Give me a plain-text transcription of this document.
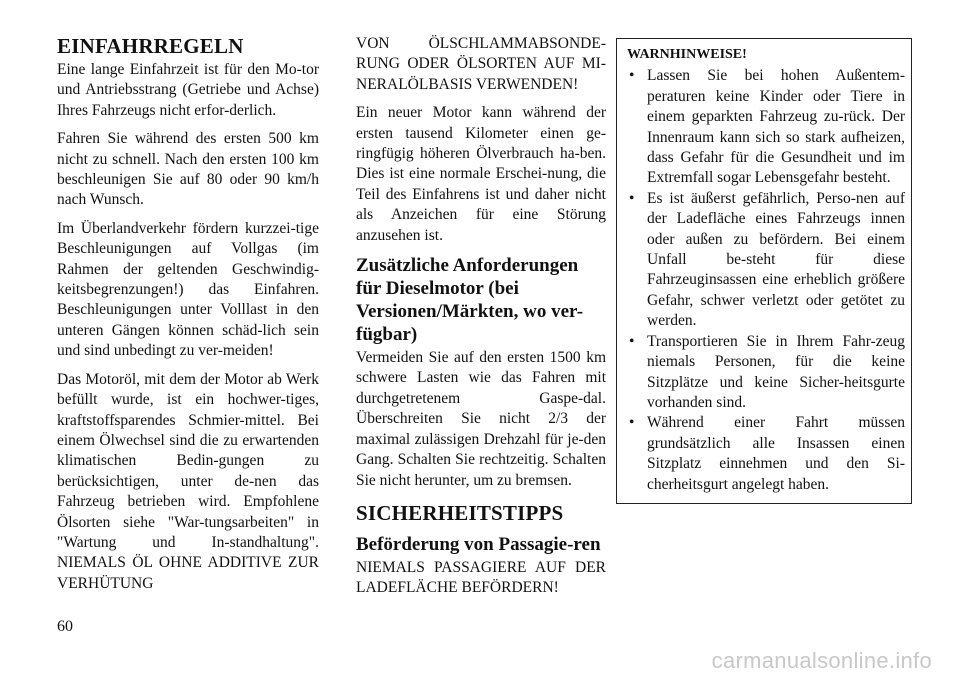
EINFAHRREGELN

Eine lange Einfahrzeit ist für den Mo-tor und Antriebsstrang (Getriebe und Achse) Ihres Fahrzeugs nicht erfor-derlich.

Fahren Sie während des ersten 500 km nicht zu schnell. Nach den ersten 100 km beschleunigen Sie auf 80 oder 90 km/h nach Wunsch.

Im Überlandverkehr fördern kurzzei-tige Beschleunigungen auf Vollgas (im Rahmen der geltenden Geschwindig-keitsbegrenzungen!) das Einfahren. Beschleunigungen unter Volllast in den unteren Gängen können schäd-lich sein und sind unbedingt zu ver-meiden!

Das Motoröl, mit dem der Motor ab Werk befüllt wurde, ist ein hochwer-tiges, kraftstoffsparendes Schmier-mittel. Bei einem Ölwechsel sind die zu erwartenden klimatischen Bedin-gungen zu berücksichtigen, unter de-nen das Fahrzeug betrieben wird. Empfohlene Ölsorten siehe "War-tungsarbeiten" in "Wartung und In-standhaltung". NIEMALS ÖL OHNE ADDITIVE ZUR VERHÜTUNG

VON ÖLSCHLAMMABSONDE-RUNG ODER ÖLSORTEN AUF MI-NERALÖLBASIS VERWENDEN!

Ein neuer Motor kann während der ersten tausend Kilometer einen ge-ringfügig höheren Ölverbrauch ha-ben. Dies ist eine normale Erschei-nung, die Teil des Einfahrens ist und daher nicht als Anzeichen für eine Störung anzusehen ist.

Zusätzliche Anforderungen für Dieselmotor (bei Versionen/Märkten, wo ver-fügbar)

Vermeiden Sie auf den ersten 1500 km schwere Lasten wie das Fahren mit durchgetretenem Gaspe-dal. Überschreiten Sie nicht 2/3 der maximal zulässigen Drehzahl für je-den Gang. Schalten Sie rechtzeitig. Schalten Sie nicht herunter, um zu bremsen.

SICHERHEITSTIPPS
Beförderung von Passagie-ren

NIEMALS PASSAGIERE AUF DER LADEFLÄCHE BEFÖRDERN!

WARNHINWEISE!
• Lassen Sie bei hohen Außentem-peraturen keine Kinder oder Tiere in einem geparkten Fahrzeug zu-rück. Der Innenraum kann sich so stark aufheizen, dass Gefahr für die Gesundheit und im Extremfall sogar Lebensgefahr besteht.
• Es ist äußerst gefährlich, Perso-nen auf der Ladefläche eines Fahrzeugs innen oder außen zu befördern. Bei einem Unfall be-steht für diese Fahrzeuginsassen eine erheblich größere Gefahr, schwer verletzt oder getötet zu werden.
• Transportieren Sie in Ihrem Fahr-zeug niemals Personen, für die keine Sitzplätze und keine Sicher-heitsgurte vorhanden sind.
• Während einer Fahrt müssen grundsätzlich alle Insassen einen Sitzplatz einnehmen und den Si-cherheitsgurt angelegt haben.
60
carmanualsonline.info
